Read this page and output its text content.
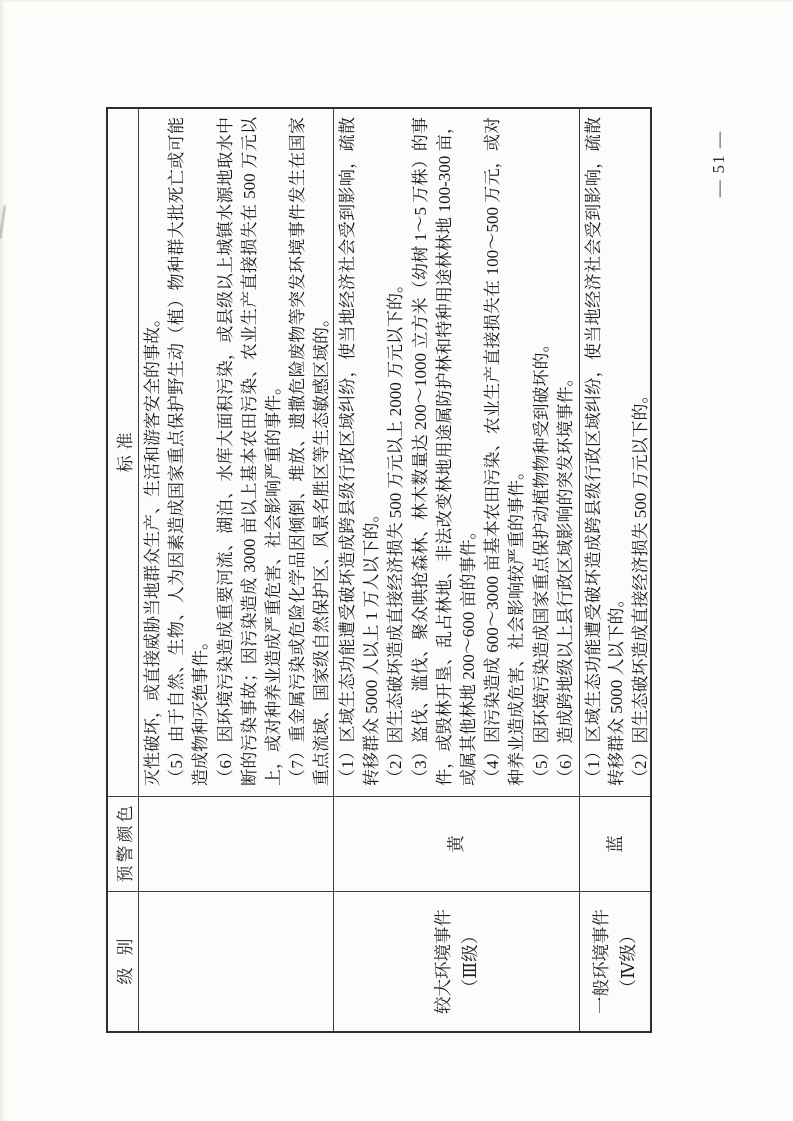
级别
预警颜色
标准 灭性破坏，或直接威胁当地群众生产、生活和游客安全的事故。 （5）由于自然、生物、人为因素造成国家重点保护野生动（植）物种群大批死亡或可能造成物种灭绝事件。 （6）因环境污染造成重要河流、湖泊、水库大面积污染，或县级以上城镇水源地取水中断的污染事故；因污染造成 3000 亩以上基本农田污染、农业生产直接损失在 500 万元以上，或对种养业造成严重危害、社会影响严重的事件。 （7）重金属污染或危险化学品因倾倒、堆放、遗撒危险废物等突发环境事件发生在国家重点流域、国家级自然保护区、风景名胜区等生态敏感区域的。

较大环境事件 （Ⅲ级）
黄

（1）区域生态功能遭受破坏造成跨县级行政区域纠纷，使当地经济社会受到影响，疏散转移群众 5000 人以上 1 万人以下的。 （2）因生态破坏造成直接经济损失 500 万元以上 2000 万元以下的。 （3）盗伐、滥伐、聚众哄抢森林、林木数量达 200～1000 立方米（幼树 1～5 万株）的事件，或毁林开垦、乱占林地、非法改变林地用途属防护林和特种用途林林地 100-300 亩，或属其他林地 200～600 亩的事件。 （4）因污染造成 600～3000 亩基本农田污染、农业生产直接损失在 100～500 万元，或对种养业造成危害、社会影响较严重的事件。 （5）因环境污染造成国家重点保护动植物物种受到破坏的。 （6）造成跨地级以上县行政区域影响的突发环境事件。

一般环境事件 （Ⅳ级）
蓝

（1）区域生态功能遭受破坏造成跨县级行政区域纠纷，使当地经济社会受到影响，疏散转移群众 5000 人以下的。 （2）因生态破坏造成直接经济损失 500 万元以下的。

— 51 —
